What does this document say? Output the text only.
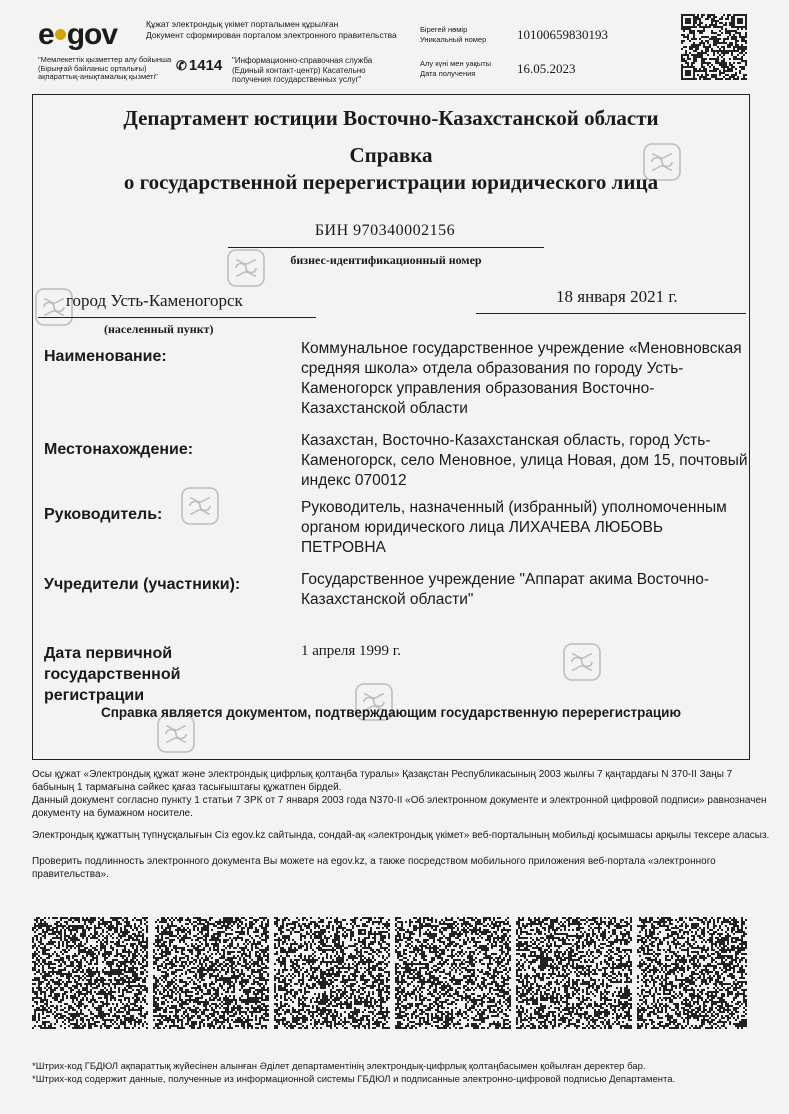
e gov
"Мемлекеттік қызметтер алу бойынша (Бірыңғай байланыс орталығы) ақпараттық-анықтамалық қызметі"
✆ 1414
Құжат электрондық үкімет порталымен құрылған
Документ сформирован порталом электронного правительства
"Информационно-справочная служба (Единый контакт-центр) Касательно получения государственных услуг"
Бірегей нөмір
Уникальный номер 10100659830193
Алу күні мен уақыты
Дата получения	16.05.2023
Департамент юстиции Восточно-Казахстанской области
Справка
о государственной перерегистрации юридического лица
БИН 970340002156
бизнес-идентификационный номер
город Усть-Каменогорск
(населенный пункт)
18 января 2021 г.
Наименование:	Коммунальное государственное учреждение «Меновновская средняя школа» отдела образования по городу Усть-Каменогорск управления образования Восточно-Казахстанской области
Местонахождение:
Казахстан, Восточно-Казахстанская область, город Усть-Каменогорск, село Меновное, улица Новая, дом 15, почтовый индекс 070012
Руководитель:	Руководитель, назначенный (избранный) уполномоченным органом юридического лица ЛИХАЧЕВА ЛЮБОВЬ ПЕТРОВНА
Учредители (участники):	Государственное учреждение "Аппарат акима Восточно-Казахстанской области"
Дата первичной государственной регистрации
1 апреля 1999 г.
Справка является документом, подтверждающим государственную перерегистрацию
Осы құжат «Электрондық құжат және электрондық цифрлық қолтаңба туралы» Қазақстан Республикасының 2003 жылғы 7 қаңтардағы N 370-II Заңы 7 бабының 1 тармағына сәйкес қағаз тасығыштағы құжатпен бірдей.
Данный документ согласно пункту 1 статьи 7 ЗРК от 7 января 2003 года N370-II «Об электронном документе и электронной цифровой подписи» равнозначен документу на бумажном носителе.
Электрондық құжаттың түпнұсқалығын Сіз egov.kz сайтында, сондай-ақ «электрондық үкімет» веб-порталының мобильді қосымшасы арқылы тексере аласыз.
Проверить подлинность электронного документа Вы можете на egov.kz, а также посредством мобильного приложения веб-портала «электронного правительства».
*Штрих-код ГБДЮЛ ақпараттық жүйесінен алынған Әділет департаментінің электрондық-цифрлық қолтаңбасымен қойылған деректер бар.
*Штрих-код содержит данные, полученные из информационной системы ГБДЮЛ и подписанные электронно-цифровой подписью Департамента.
